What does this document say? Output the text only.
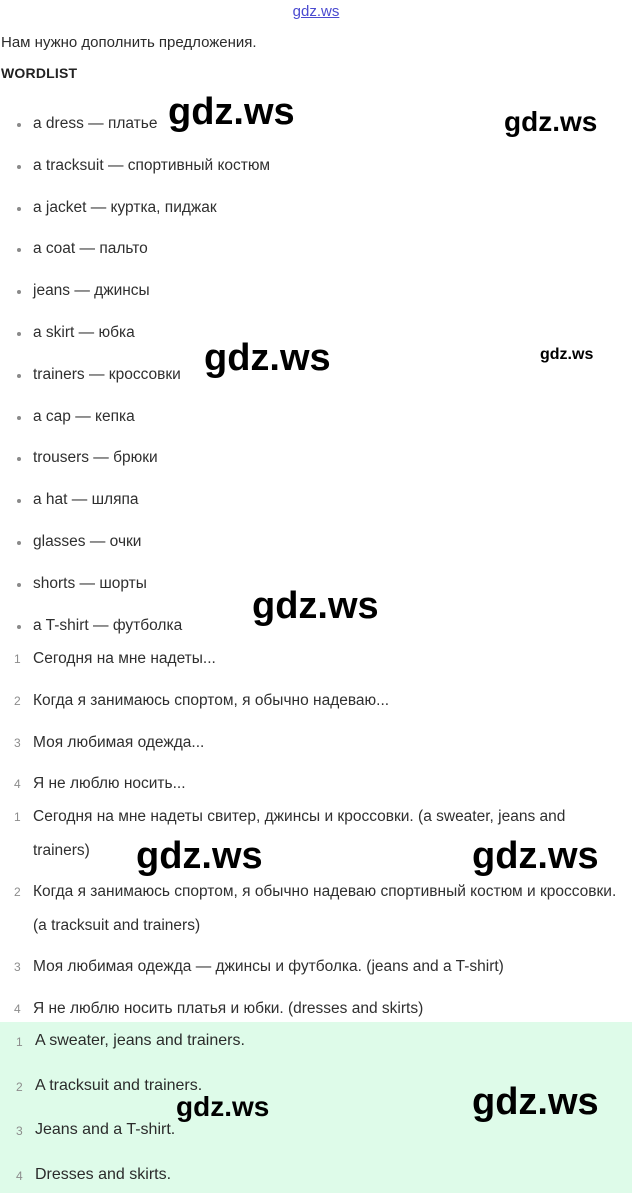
gdz.ws
Нам нужно дополнить предложения.
WORDLIST
a dress — платье
a tracksuit — спортивный костюм
a jacket — куртка, пиджак
a coat — пальто
jeans — джинсы
a skirt — юбка
trainers — кроссовки
a cap — кепка
trousers — брюки
a hat — шляпа
glasses — очки
shorts — шорты
a T-shirt — футболка
1 Сегодня на мне надеты...
2 Когда я занимаюсь спортом, я обычно надеваю...
3 Моя любимая одежда...
4 Я не люблю носить...
1 Сегодня на мне надеты свитер, джинсы и кроссовки. (a sweater, jeans and trainers)
2 Когда я занимаюсь спортом, я обычно надеваю спортивный костюм и кроссовки. (a tracksuit and trainers)
3 Моя любимая одежда — джинсы и футболка. (jeans and a T-shirt)
4 Я не люблю носить платья и юбки. (dresses and skirts)
1 A sweater, jeans and trainers.
2 A tracksuit and trainers.
3 Jeans and a T-shirt.
4 Dresses and skirts.
gdz.ws	gdz.ws
gdz.ws	gdz.ws
gdz.ws
gdz.ws	gdz.ws
gdz.ws	gdz.ws
